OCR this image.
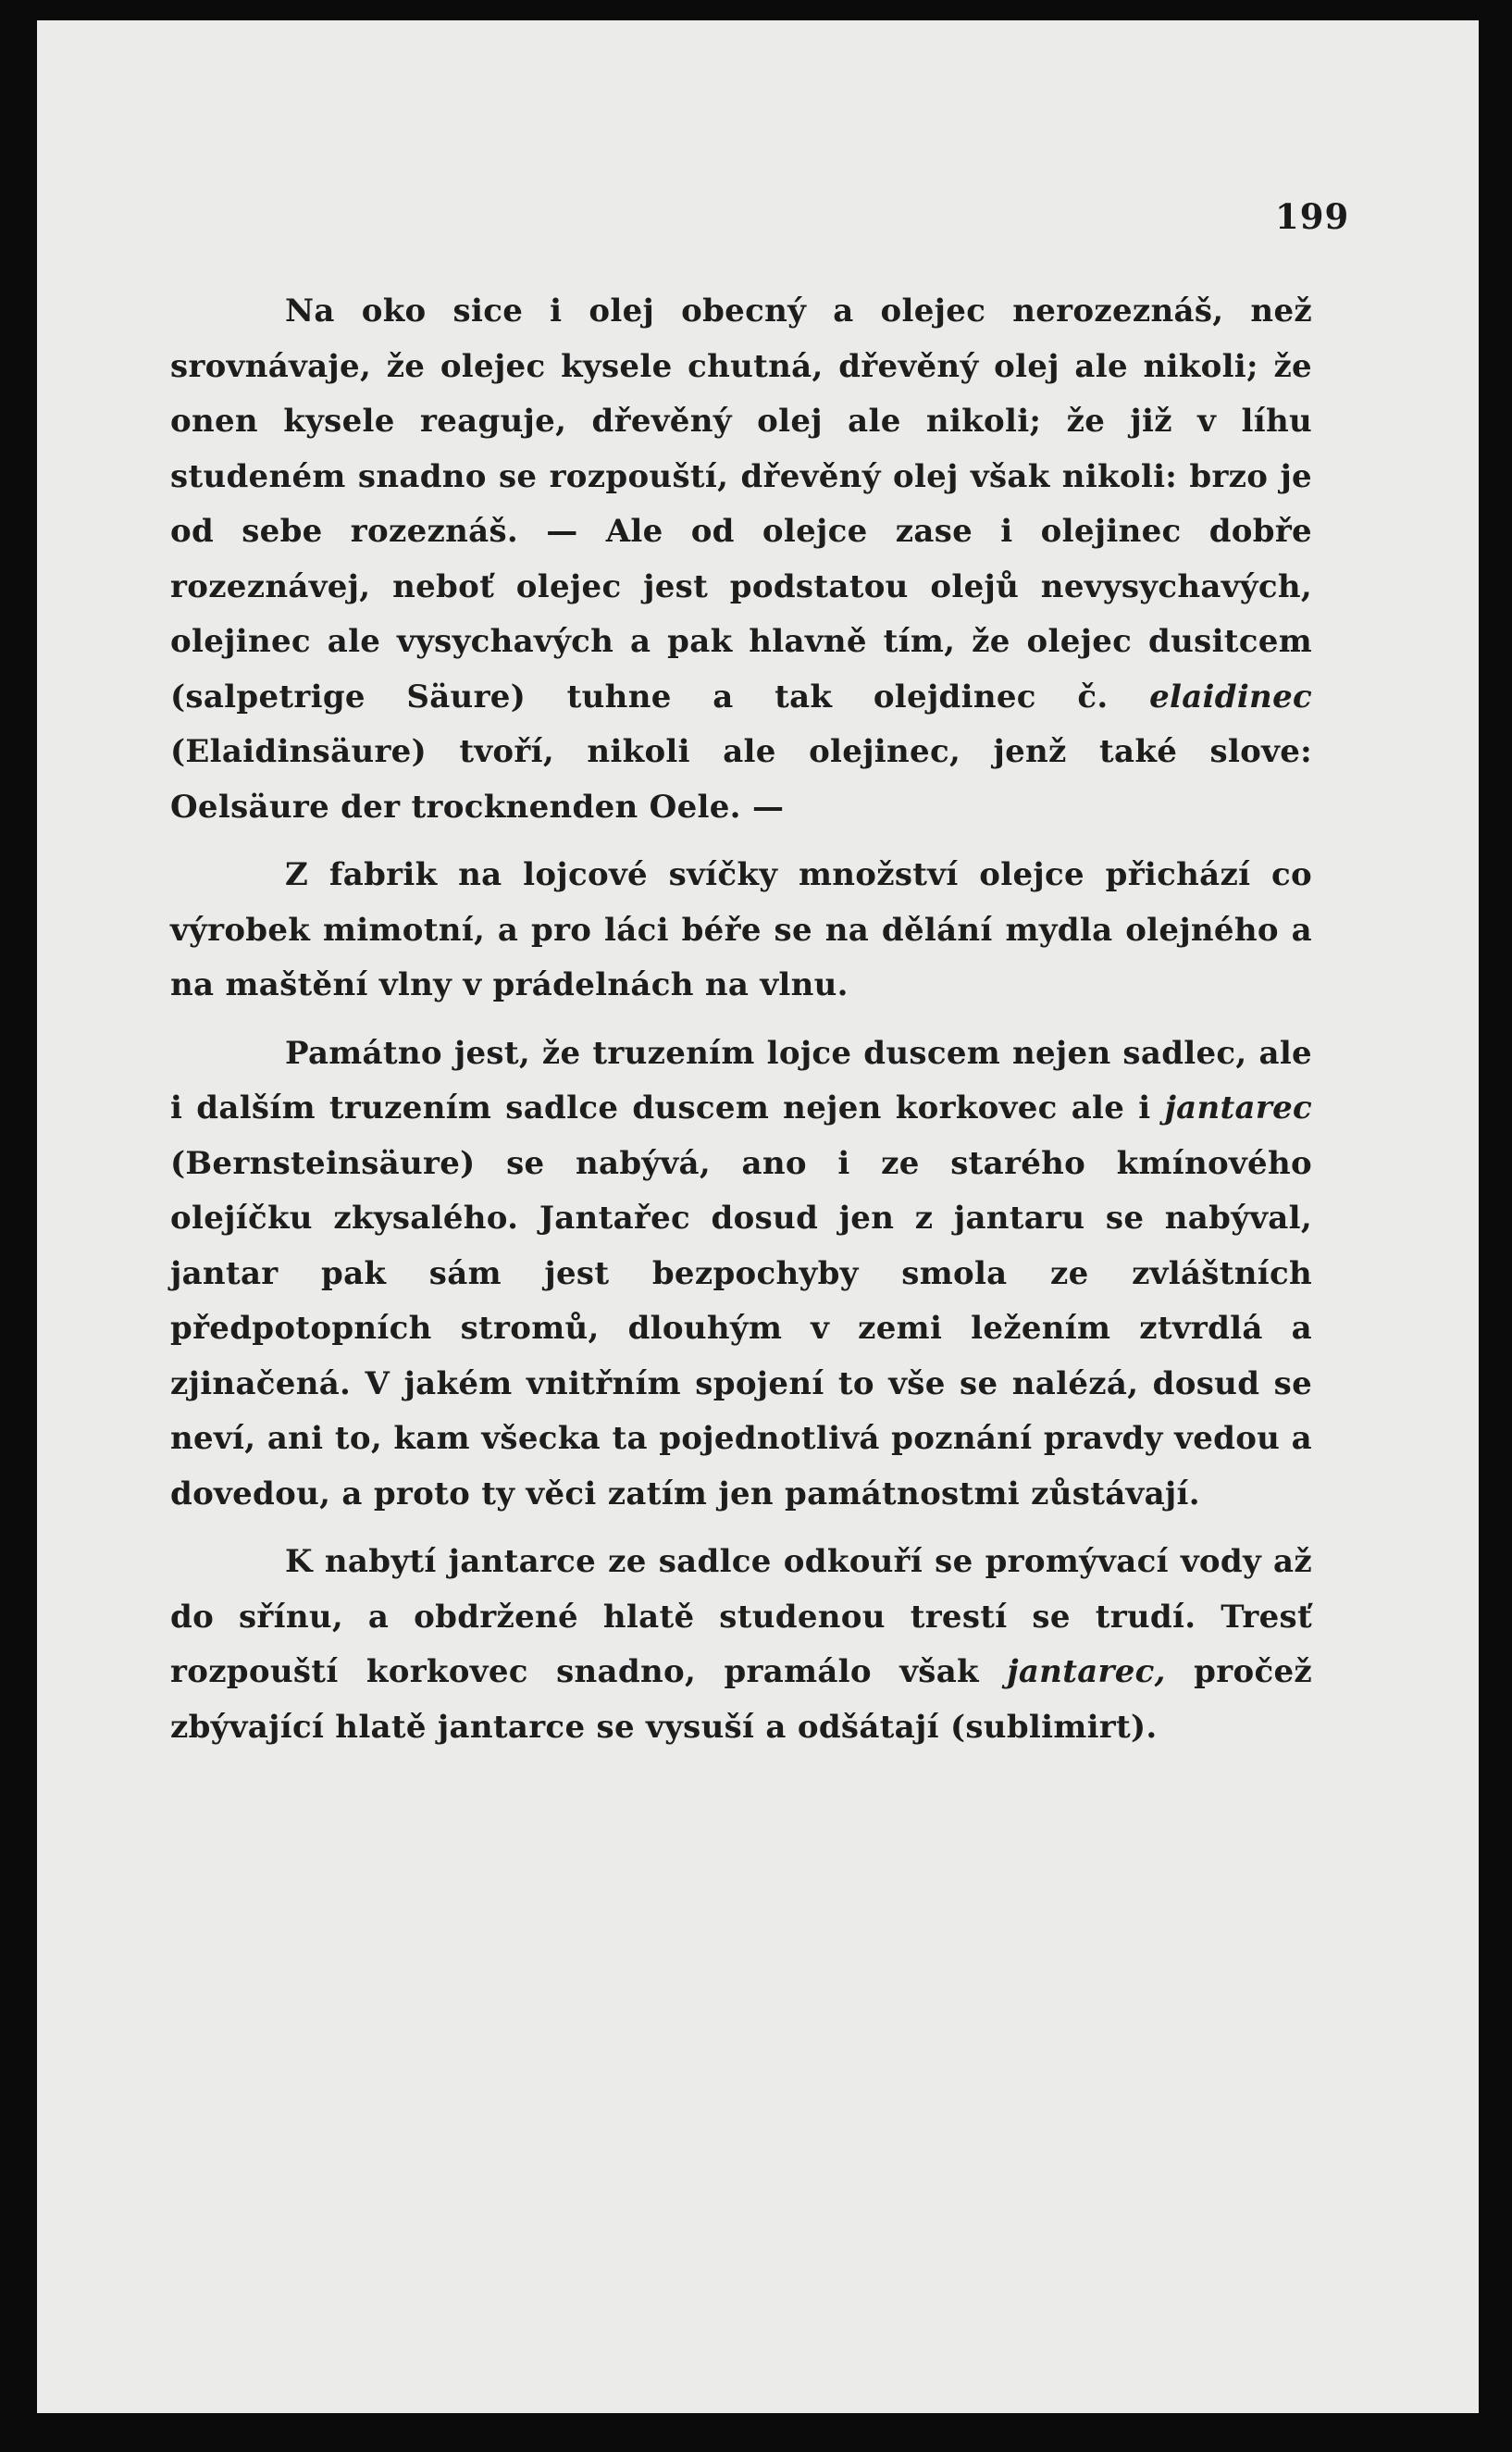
199

Na oko sice i olej obecný a olejec nerozeznáš, než srovnávaje, že olejec kysele chutná, dřevěný olej ale nikoli; že onen kysele reaguje, dřevěný olej ale nikoli; že již v líhu studeném snadno se rozpouští, dřevěný olej však nikoli: brzo je od sebe rozeznáš. — Ale od olejce zase i olejinec dobře rozeznávej, neboť olejec jest podstatou olejů nevysychavých, olejinec ale vysychavých a pak hlavně tím, že olejec dusitcem (salpetrige Säure) tuhne a tak olejdinec č. elaidinec (Elaidinsäure) tvoří, nikoli ale olejinec, jenž také slove: Oelsäure der trocknenden Oele. —

Z fabrik na lojcové svíčky množství olejce přichází co výrobek mimotní, a pro láci béře se na dělání mydla olejného a na maštění vlny v prádelnách na vlnu.

Památno jest, že truzením lojce duscem nejen sadlec, ale i dalším truzením sadlce duscem nejen korkovec ale i jantarec (Bernsteinsäure) se nabývá, ano i ze starého kmínového olejíčku zkysalého. Jantařec dosud jen z jantaru se nabýval, jantar pak sám jest bezpochyby smola ze zvláštních předpotopních stromů, dlouhým v zemi ležením ztvrdlá a zjinačená. V jakém vnitřním spojení to vše se nalézá, dosud se neví, ani to, kam všecka ta pojednotlivá poznání pravdy vedou a dovedou, a proto ty věci zatím jen památnostmi zůstávají.

K nabytí jantarce ze sadlce odkouří se promývací vody až do sřínu, a obdržené hlatě studenou trestí se trudí. Tresť rozpouští korkovec snadno, pramálo však jantarec, pročež zbývající hlatě jantarce se vysuší a odšátají (sublimirt).
